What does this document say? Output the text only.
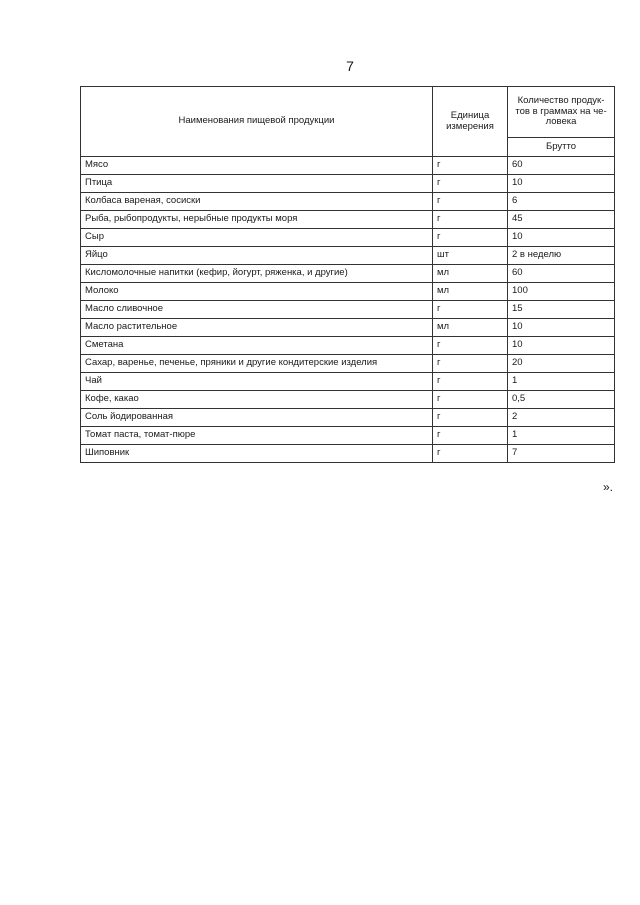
7
Наименования пищевой продукции	Единица измерения	Количество продук-тов в граммах на че-ловека
		Брутто
Мясо	г	60
Птица	г	10
Колбаса вареная, сосиски	г	6
Рыба, рыбопродукты, нерыбные продукты моря	г	45
Сыр	г	10
Яйцо	шт	2 в неделю
Кисломолочные напитки (кефир, йогурт, ряженка, и другие)	мл	60
Молоко	мл	100
Масло сливочное	г	15
Масло растительное	мл	10
Сметана	г	10
Сахар, варенье, печенье, пряники и другие кондитерские изделия	г	20
Чай	г	1
Кофе, какао	г	0,5
Соль йодированная	г	2
Томат паста, томат-пюре	г	1
Шиповник	г	7
».
